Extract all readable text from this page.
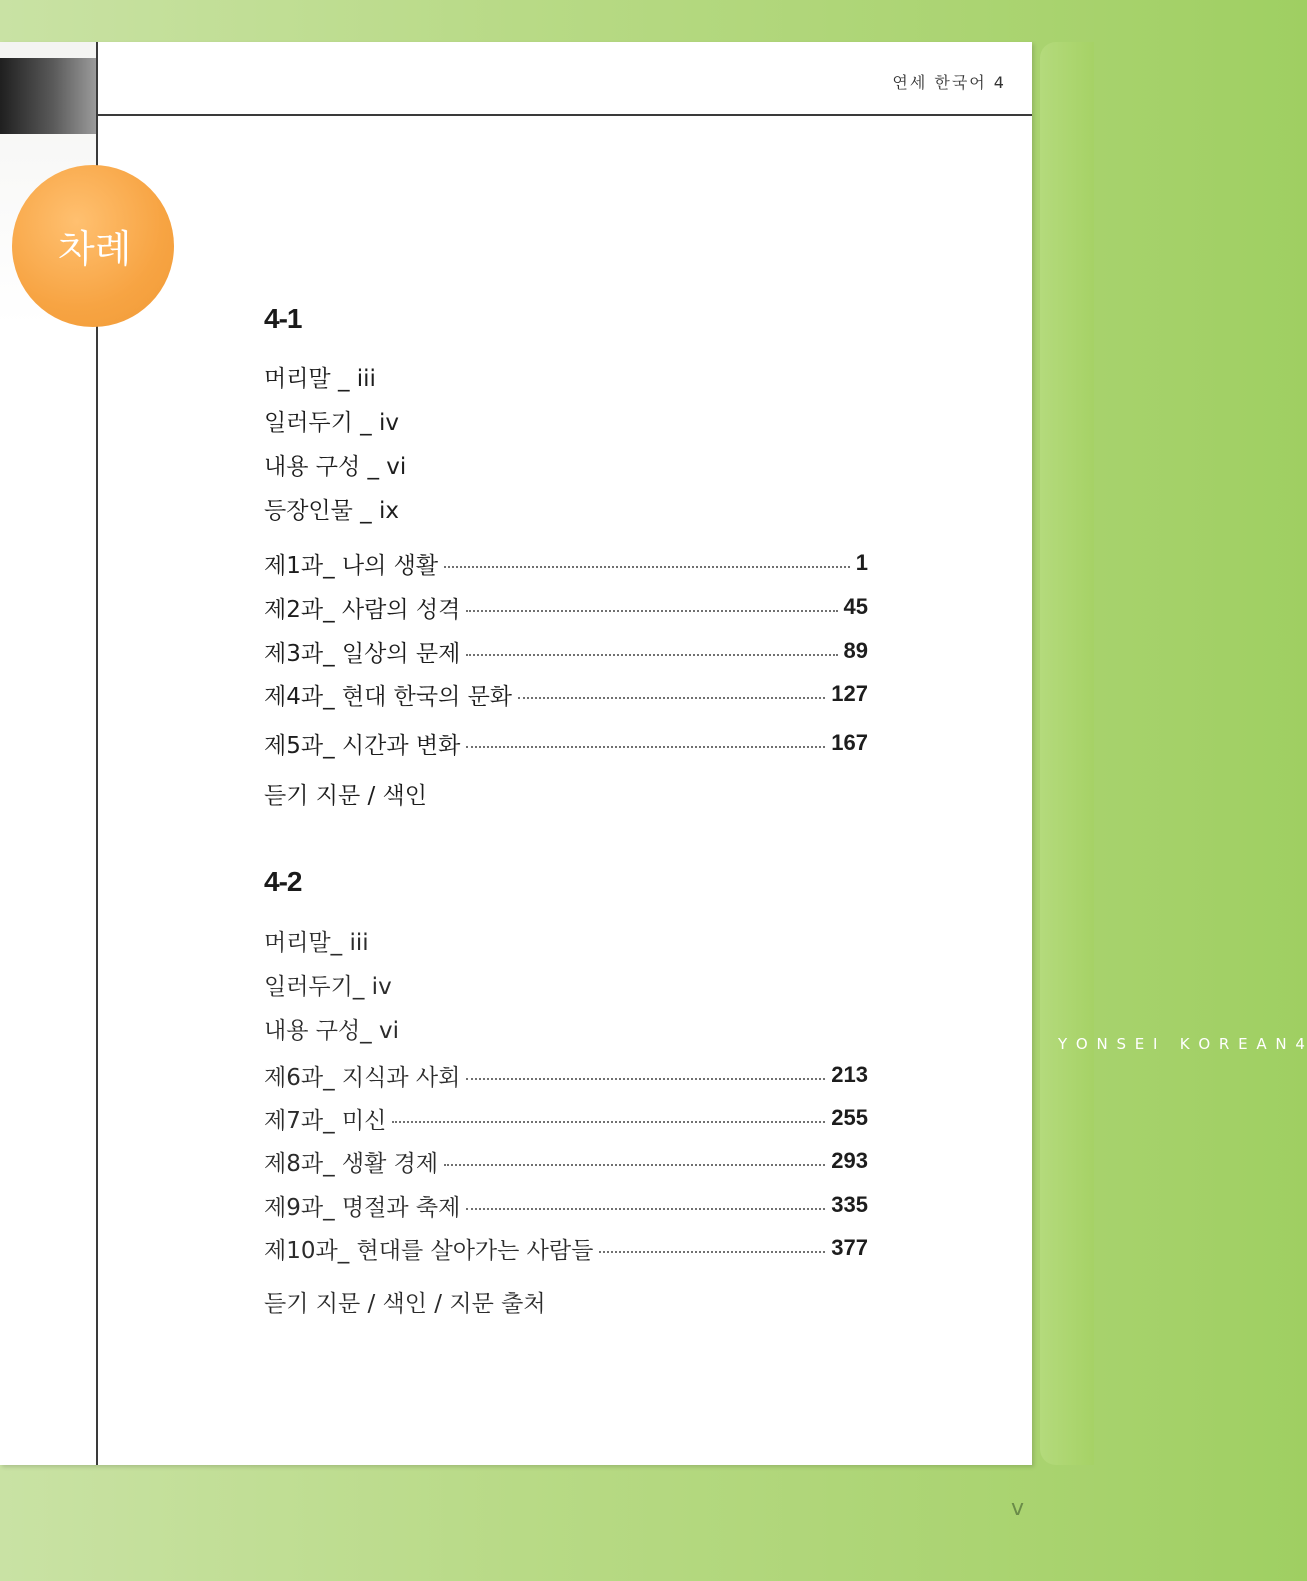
연세 한국어 4
차례
Y O N S E I   K O R E A N 4
v
4-1
머리말 _ iii
일러두기 _ iv
내용 구성 _ vi
등장인물 _ ix
제1과_ 나의 생활	1
제2과_ 사람의 성격	45
제3과_ 일상의 문제	89
제4과_ 현대 한국의 문화	127
제5과_ 시간과 변화	167
듣기 지문 / 색인
4-2
머리말_ iii
일러두기_ iv
내용 구성_ vi
제6과_ 지식과 사회	213
제7과_ 미신	255
제8과_ 생활 경제	293
제9과_ 명절과 축제	335
제10과_ 현대를 살아가는 사람들	377
듣기 지문 / 색인 / 지문 출처
